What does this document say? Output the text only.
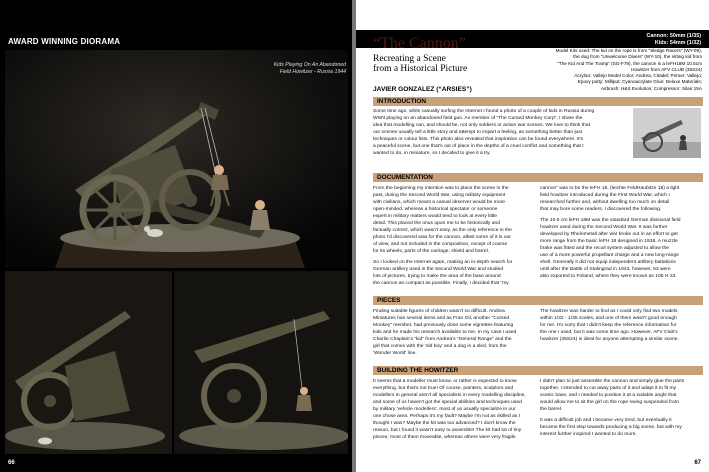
AWARD WINNING DIORAMA
Kids Playing On An Abandoned
Field Howitzer - Russia 1944
66
Cannon: 50mm (1/35)
Kids: 54mm (1/32)
“The Cannon”
Recreating a Scene
from a Historical Picture
JAVIER GONZALEZ (“ARSIES”)
Model Kits used: The kid on the rope is from “Sledge Racers” (WY-09),
the dog from “Unwelcome Divers” (WY-10), the sitting kid from
“The Kid And The Tramp” (SG-F79), the cannon is a leFH18M 10.5cm
Howitzer from AFV CLUB (35S24)
Acrylics: Vallejo Model Color; Andrea, Citadel; Primer: Vallejo;
Epoxy putty: Milliput; Cyanoacrylate Glue: Deluxe Materials;
Airbrush: H&S Evolution; Compressor: Silair 15A
INTRODUCTION
Some time ago, while casually surfing the Internet I found a photo of a couple of kids in Russia during
WWII playing on an abandoned field gun. As member of “The Cursed Monkey Corp”, I share the
idea that modelling can, and should be, not only soldiers or action war scenes. We love to think that
our scenes usually tell a little story and attempt to impart a feeling, as something better than just
techniques or colour lists. This photo also revealed that inspiration can be found everywhere. It's
a peaceful scene, but one that's out of place in the depths of a cruel conflict and something that I
wanted to do, in miniature, so I decided to give it a try.
DOCUMENTATION
From the beginning my intention was to place the scene in the
past, during the Second World War, using military equipment
with civilians, which meant a casual observer would be more
open-minded, whereas a historical spectator or someone
expert in military matters would tend to look at every little
detail. This placed the onus upon me to be historically and
factually correct, which wasn't easy, as the only reference in the
photo I'd discovered was for the cannon, albeit some of it is out
of view, and not included in the composition, except of course
for its wheels, parts of the carriage, shield and barrel.
So I looked on the Internet again, making an in-depth search for
German artillery used in the Second World War and studied
lots of pictures, trying to make the area of the base around
the cannon as compact as possible. Finally, I decided that “my
cannon” was to be the leFH 18, (leichte FeldHaubitze 18) a light
field howitzer introduced during the First World War, which I
researched further and, without dwelling too much on detail
that may bore some readers, I discovered the following.
The 10.5 cm leFH 18M was the standard German divisional field
howitzer used during the Second World War. It was further
developed by Rheinmetall after war broke out in an effort to get
more range from the basic leFH 18 designed in 1918. A muzzle
brake was fitted and the recoil system adjusted to allow the
use of a more powerful propellant charge and a new long-range
shell. Generally it did not equip independent artillery battalions
until after the Battle of Stalingrad in 1943, however, 53 were
also exported to Finland, where they were known as 105 H 33.
PIECES
Finding suitable figures of children wasn't so difficult. Andrea
Miniatures has several items and as Fran Gil, another “Cursed
Monkey” member, had previously done some vignettes featuring
kids and he made his research available to me. In my case I used
Charlie Chaplain's “kid” from Andrea's “General Range” and the
girl that comes with the 'old boy' and a dog in a sled, from the
'Wonder World' line.
The howitzer was harder to find as I could only find two models
within 1/32 - 1/35 scales, and one of them wasn't good enough
for me. I'm sorry that I didn't keep the reference information for
the one I used, but it was some time ago. However, AFV Club's
howitzer (35S24) is ideal for anyone attempting a similar scene.
BUILDING THE HOWITZER
It seems that a modeller must know, or rather is expected to know
everything, but that's not true! Of course, painters, sculptors and
modellers in general aren't all specialists in every modelling discipline,
and some of us haven't got the special abilities and techniques used
by military 'vehicle modellers', most of us usually specialize in our
one chose area. Perhaps it's my fault? Maybe I'm not as skilled as I
thought I was? Maybe the kit was too advanced? I don't know the
reason, but I found it wasn't easy to assemble! The kit had lot of tiny
pieces, most of them moveable, whereas others were very fragile.
I didn't plan to just assemble the cannon and simply glue the parts
together, I intended to cut away parts of it and adapt it to fit my
scenic base, and I needed to position it at a suitable angle that
would allow me to sit the girl on the rope swing suspended from
the barrel.
It was a difficult job and I became very tired, but eventually it
became the first step towards producing a big scene, but with my
interest further inspired I wanted to do more.
67
